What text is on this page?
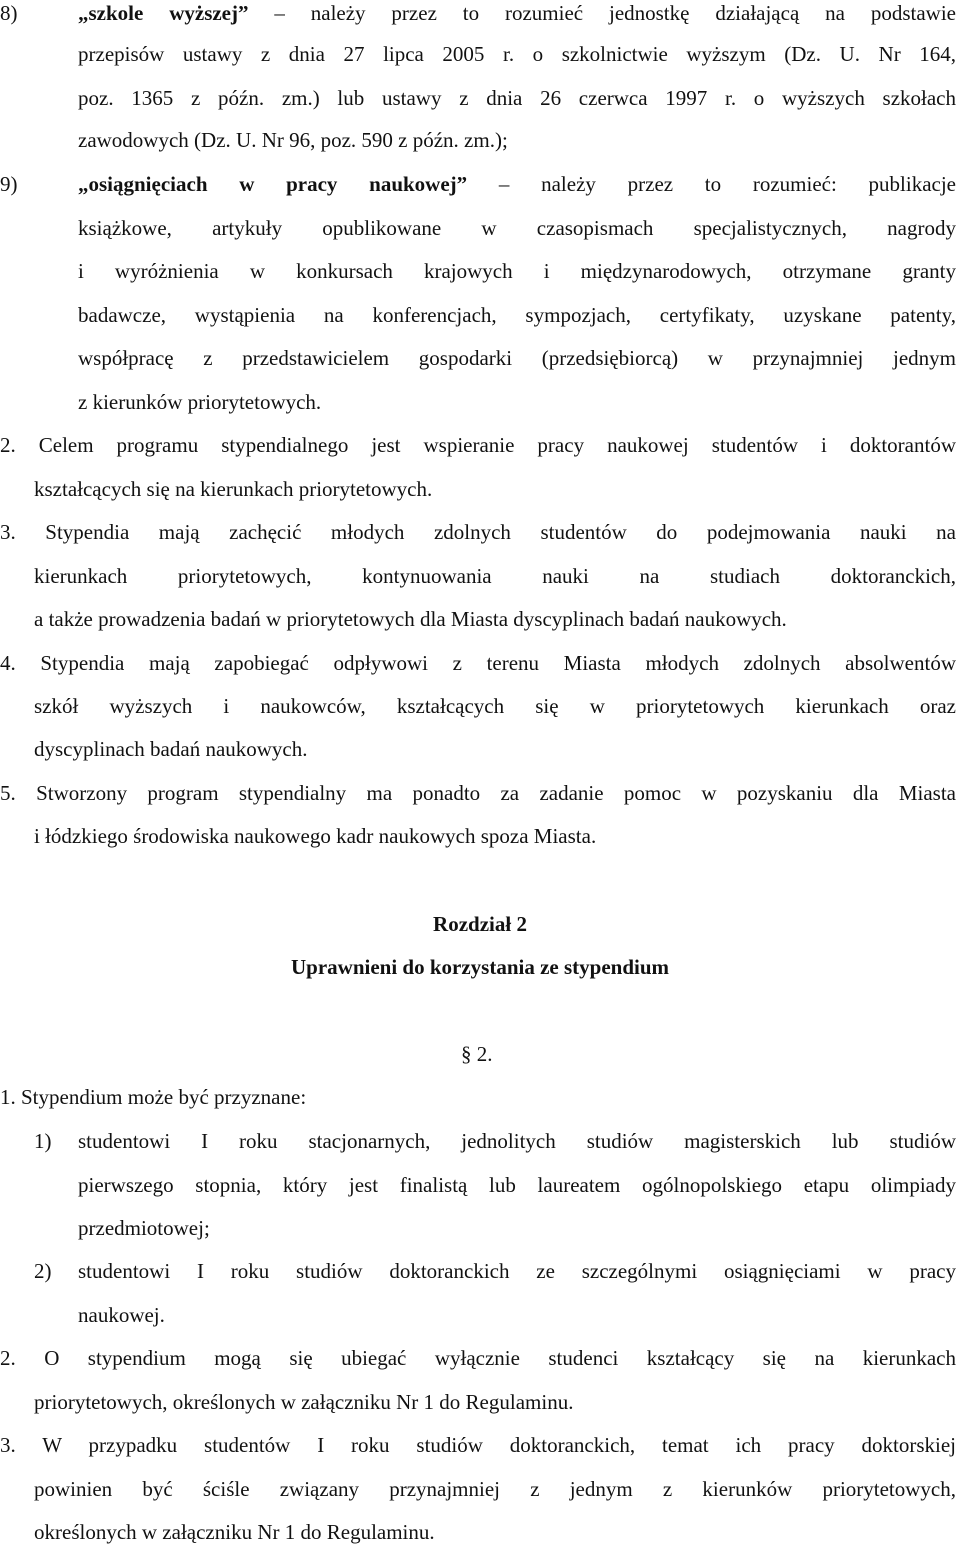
8)	„szkole wyższej” – należy przez to rozumieć jednostkę działającą na podstawie
przepisów ustawy z dnia 27 lipca 2005 r. o szkolnictwie wyższym (Dz. U. Nr 164,
poz. 1365 z późn. zm.) lub ustawy z dnia 26 czerwca 1997 r. o wyższych szkołach
zawodowych (Dz. U. Nr 96, poz. 590 z późn. zm.);
9)	„osiągnięciach w pracy naukowej” – należy przez to rozumieć: publikacje
książkowe, artykuły opublikowane w czasopismach specjalistycznych, nagrody
i wyróżnienia w konkursach krajowych i międzynarodowych, otrzymane granty
badawcze, wystąpienia na konferencjach, sympozjach, certyfikaty, uzyskane patenty,
współpracę z przedstawicielem gospodarki (przedsiębiorcą) w przynajmniej jednym
z kierunków priorytetowych.
2. Celem programu stypendialnego jest wspieranie pracy naukowej studentów i doktorantów
kształcących się na kierunkach priorytetowych.
3. Stypendia mają zachęcić młodych zdolnych studentów do podejmowania nauki na
kierunkach priorytetowych, kontynuowania nauki na studiach doktoranckich,
a także prowadzenia badań w priorytetowych dla Miasta dyscyplinach badań naukowych.
4. Stypendia mają zapobiegać odpływowi z terenu Miasta młodych zdolnych absolwentów
szkół wyższych i naukowców, kształcących się w priorytetowych kierunkach oraz
dyscyplinach badań naukowych.
5. Stworzony program stypendialny ma ponadto za zadanie pomoc w pozyskaniu dla Miasta
i łódzkiego środowiska naukowego kadr naukowych spoza Miasta.
Rozdział 2
Uprawnieni do korzystania ze stypendium
§ 2.
1. Stypendium może być przyznane:
1) studentowi I roku stacjonarnych, jednolitych studiów magisterskich lub studiów
pierwszego stopnia, który jest finalistą lub laureatem ogólnopolskiego etapu olimpiady
przedmiotowej;
2) studentowi I roku studiów doktoranckich ze szczególnymi osiągnięciami w pracy
naukowej.
2. O stypendium mogą się ubiegać wyłącznie studenci kształcący się na kierunkach
priorytetowych, określonych w załączniku Nr 1 do Regulaminu.
3. W przypadku studentów I roku studiów doktoranckich, temat ich pracy doktorskiej
powinien być ściśle związany przynajmniej z jednym z kierunków priorytetowych,
określonych w załączniku Nr 1 do Regulaminu.
